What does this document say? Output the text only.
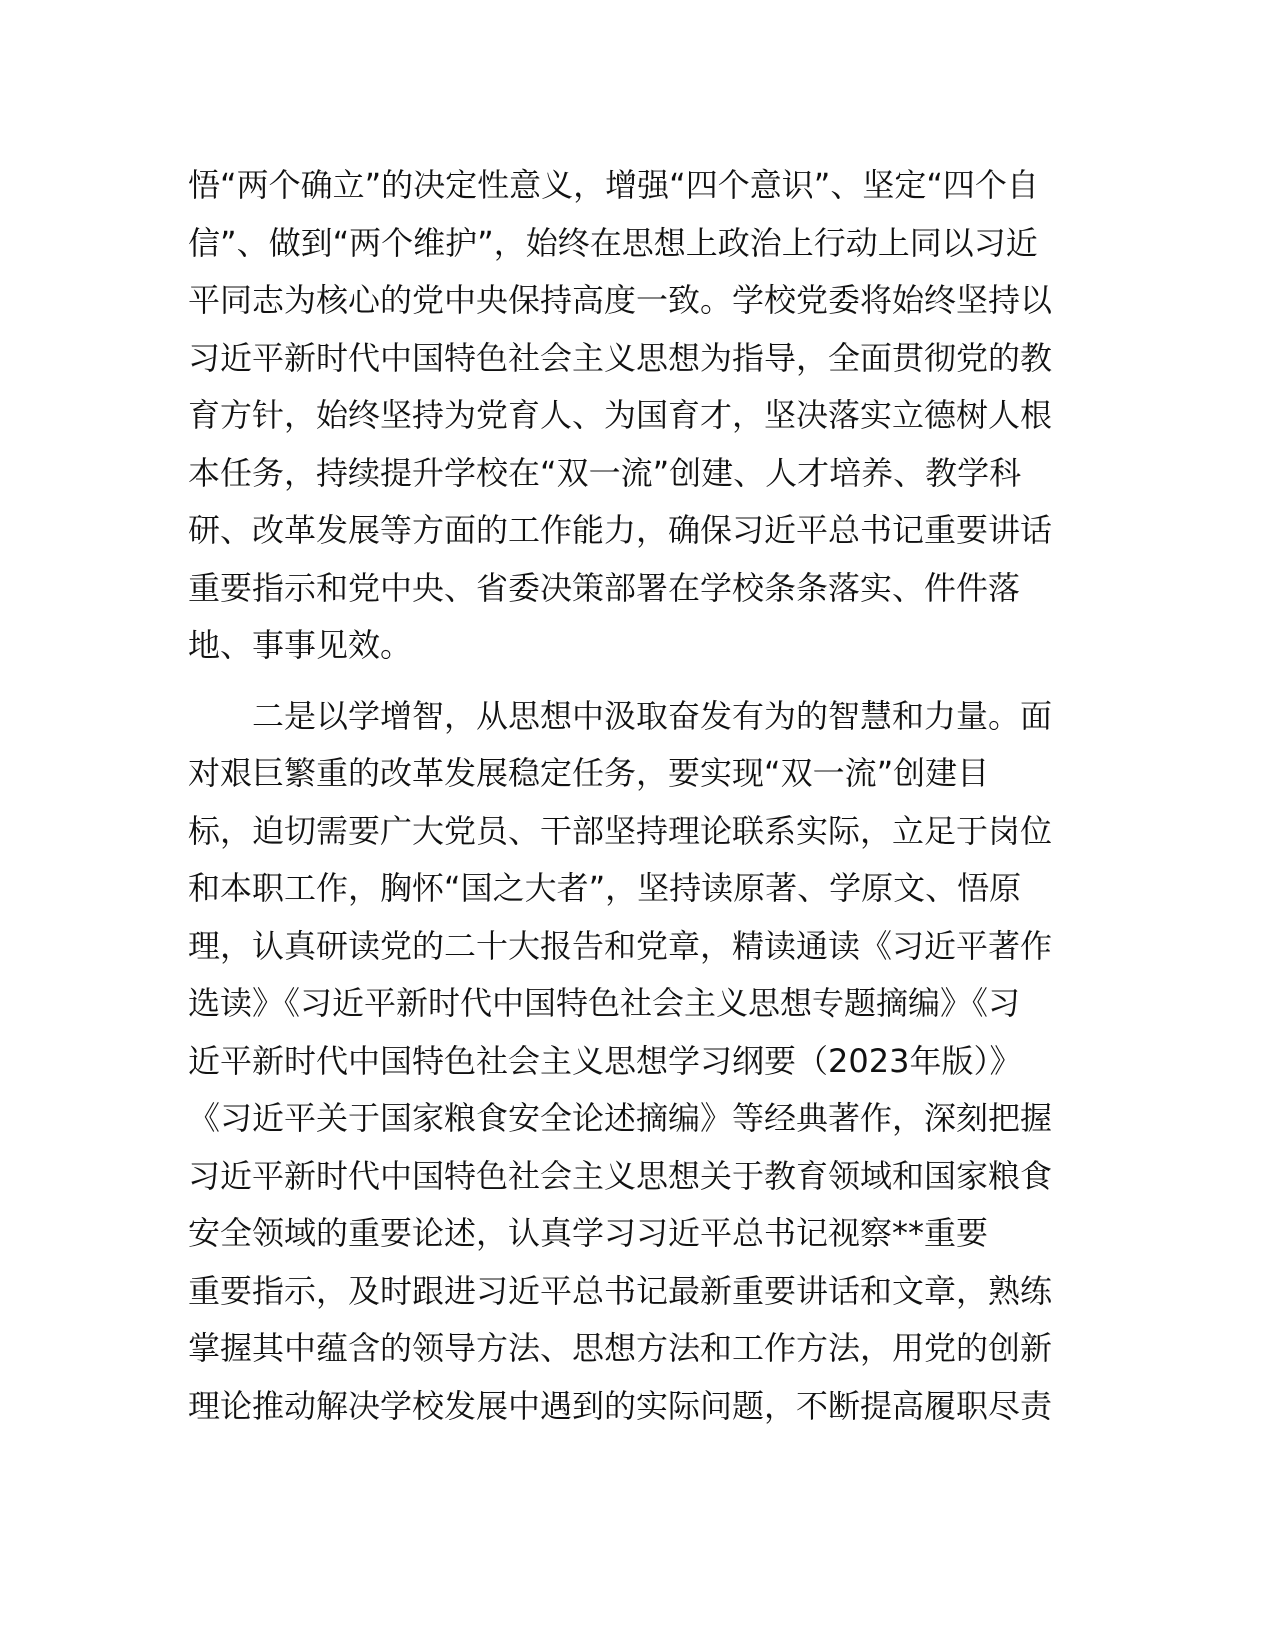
悟“两个确立”的决定性意义，增强“四个意识”、坚定“四个自
信”、做到“两个维护”，始终在思想上政治上行动上同以习近
平同志为核心的党中央保持高度一致。学校党委将始终坚持以
习近平新时代中国特色社会主义思想为指导，全面贯彻党的教
育方针，始终坚持为党育人、为国育才，坚决落实立德树人根
本任务，持续提升学校在“双一流”创建、人才培养、教学科
研、改革发展等方面的工作能力，确保习近平总书记重要讲话
重要指示和党中央、省委决策部署在学校条条落实、件件落
地、事事见效。
　　二是以学增智，从思想中汲取奋发有为的智慧和力量。面
对艰巨繁重的改革发展稳定任务，要实现“双一流”创建目
标，迫切需要广大党员、干部坚持理论联系实际，立足于岗位
和本职工作，胸怀“国之大者”，坚持读原著、学原文、悟原
理，认真研读党的二十大报告和党章，精读通读《习近平著作
选读》《习近平新时代中国特色社会主义思想专题摘编》《习
近平新时代中国特色社会主义思想学习纲要（2023年版）》
《习近平关于国家粮食安全论述摘编》等经典著作，深刻把握
习近平新时代中国特色社会主义思想关于教育领域和国家粮食
安全领域的重要论述，认真学习习近平总书记视察**重要
重要指示，及时跟进习近平总书记最新重要讲话和文章，熟练
掌握其中蕴含的领导方法、思想方法和工作方法，用党的创新
理论推动解决学校发展中遇到的实际问题，不断提高履职尽责
